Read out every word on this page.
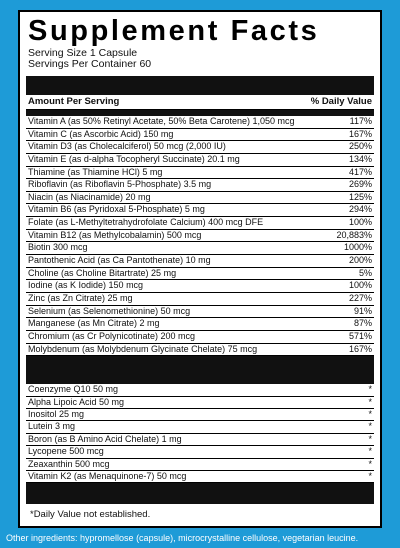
Supplement Facts
Serving Size 1 Capsule
Servings Per Container 60
Amount Per Serving	% Daily Value
Vitamin A (as 50% Retinyl Acetate, 50% Beta Carotene) 1,050 mcg	117%
Vitamin C (as Ascorbic Acid) 150 mg	167%
Vitamin D3 (as Cholecalciferol) 50 mcg (2,000 IU)	250%
Vitamin E (as d-alpha Tocopheryl Succinate) 20.1 mg	134%
Thiamine (as Thiamine HCl) 5 mg	417%
Riboflavin (as Riboflavin 5-Phosphate) 3.5 mg	269%
Niacin (as Niacinamide) 20 mg	125%
Vitamin B6 (as Pyridoxal 5-Phosphate) 5 mg	294%
Folate (as L-Methyltetrahydrofolate Calcium) 400 mcg DFE	100%
Vitamin B12 (as Methylcobalamin) 500 mcg	20,883%
Biotin 300 mcg	1000%
Pantothenic Acid (as Ca Pantothenate) 10 mg	200%
Choline (as Choline Bitartrate) 25 mg	5%
Iodine (as K Iodide) 150 mcg	100%
Zinc (as Zn Citrate) 25 mg	227%
Selenium (as Selenomethionine) 50 mcg	91%
Manganese (as Mn Citrate) 2 mg	87%
Chromium (as Cr Polynicotinate) 200 mcg	571%
Molybdenum (as Molybdenum Glycinate Chelate) 75 mcg	167%
Coenzyme Q10 50 mg	*
Alpha Lipoic Acid 50 mg	*
Inositol 25 mg	*
Lutein 3 mg	*
Boron (as B Amino Acid Chelate) 1 mg	*
Lycopene 500 mcg	*
Zeaxanthin 500 mcg	*
Vitamin K2 (as Menaquinone-7) 50 mcg	*
*Daily Value not established.
Other ingredients: hypromellose (capsule), microcrystalline cellulose, vegetarian leucine.
